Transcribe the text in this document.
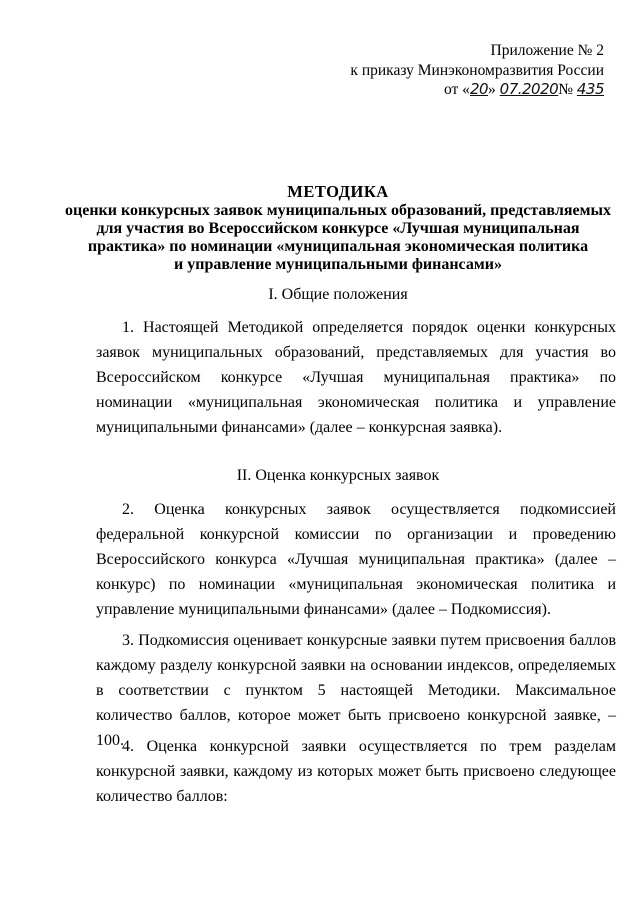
Приложение № 2
к приказу Минэкономразвития России
от «20» 07.2020№ 435
МЕТОДИКА
оценки конкурсных заявок муниципальных образований, представляемых
для участия во Всероссийском конкурсе «Лучшая муниципальная
практика» по номинации «муниципальная экономическая политика
и управление муниципальными финансами»
I. Общие положения

1. Настоящей Методикой определяется порядок оценки конкурсных заявок муниципальных образований, представляемых для участия во Всероссийском конкурсе «Лучшая муниципальная практика» по номинации «муниципальная экономическая политика и управление муниципальными финансами» (далее – конкурсная заявка).

II. Оценка конкурсных заявок

2. Оценка конкурсных заявок осуществляется подкомиссией федеральной конкурсной комиссии по организации и проведению Всероссийского конкурса «Лучшая муниципальная практика» (далее – конкурс) по номинации «муниципальная экономическая политика и управление муниципальными финансами» (далее – Подкомиссия).

3. Подкомиссия оценивает конкурсные заявки путем присвоения баллов каждому разделу конкурсной заявки на основании индексов, определяемых в соответствии с пунктом 5 настоящей Методики. Максимальное количество баллов, которое может быть присвоено конкурсной заявке, – 100.

4. Оценка конкурсной заявки осуществляется по трем разделам конкурсной заявки, каждому из которых может быть присвоено следующее количество баллов:
